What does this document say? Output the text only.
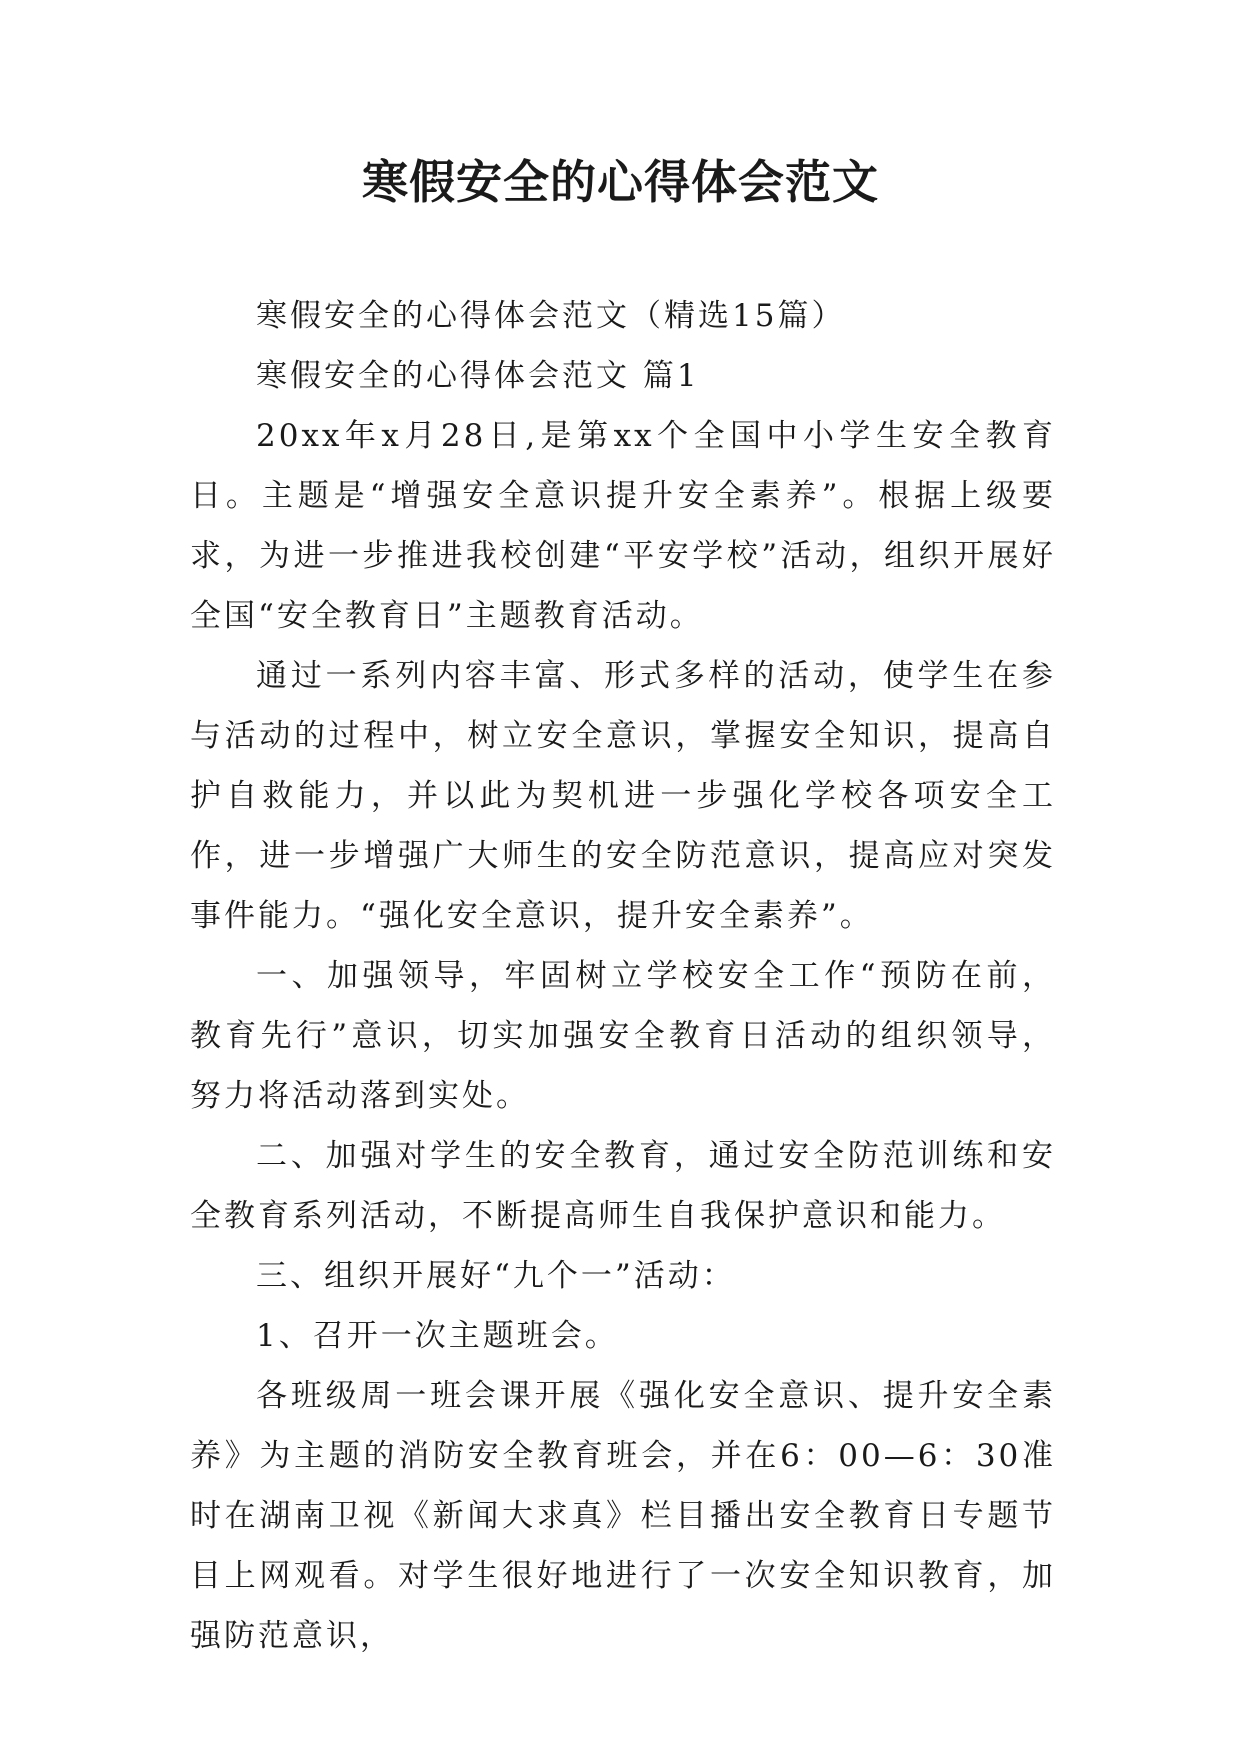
寒假安全的心得体会范文

寒假安全的心得体会范文（精选15篇）

寒假安全的心得体会范文 篇1

20xx年x月28日,是第xx个全国中小学生安全教育日。主题是“增强安全意识提升安全素养”。根据上级要求，为进一步推进我校创建“平安学校”活动，组织开展好全国“安全教育日”主题教育活动。

通过一系列内容丰富、形式多样的活动，使学生在参与活动的过程中，树立安全意识，掌握安全知识，提高自护自救能力，并以此为契机进一步强化学校各项安全工作，进一步增强广大师生的安全防范意识，提高应对突发事件能力。“强化安全意识，提升安全素养”。

一、加强领导，牢固树立学校安全工作“预防在前，教育先行”意识，切实加强安全教育日活动的组织领导，努力将活动落到实处。

二、加强对学生的安全教育，通过安全防范训练和安全教育系列活动，不断提高师生自我保护意识和能力。

三、组织开展好“九个一”活动：

1、召开一次主题班会。

各班级周一班会课开展《强化安全意识、提升安全素养》为主题的消防安全教育班会，并在6：00—6：30准时在湖南卫视《新闻大求真》栏目播出安全教育日专题节目上网观看。对学生很好地进行了一次安全知识教育，加强防范意识，
